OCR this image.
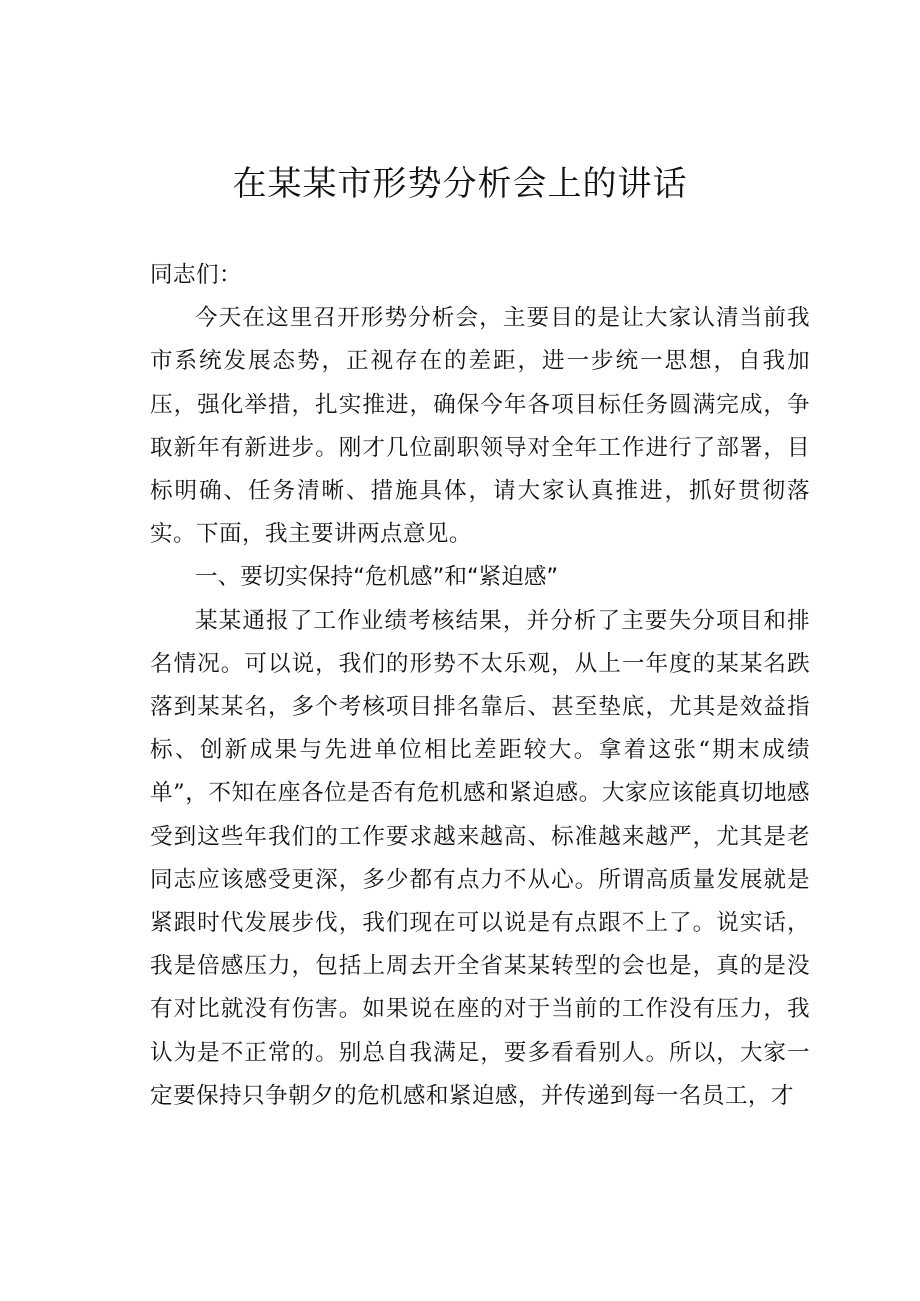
在某某市形势分析会上的讲话

同志们：

今天在这里召开形势分析会，主要目的是让大家认清当前我市系统发展态势，正视存在的差距，进一步统一思想，自我加压，强化举措，扎实推进，确保今年各项目标任务圆满完成，争取新年有新进步。刚才几位副职领导对全年工作进行了部署，目标明确、任务清晰、措施具体，请大家认真推进，抓好贯彻落实。下面，我主要讲两点意见。

一、要切实保持“危机感”和“紧迫感”

某某通报了工作业绩考核结果，并分析了主要失分项目和排名情况。可以说，我们的形势不太乐观，从上一年度的某某名跌落到某某名，多个考核项目排名靠后、甚至垫底，尤其是效益指标、创新成果与先进单位相比差距较大。拿着这张“期末成绩单”，不知在座各位是否有危机感和紧迫感。大家应该能真切地感受到这些年我们的工作要求越来越高、标准越来越严，尤其是老同志应该感受更深，多少都有点力不从心。所谓高质量发展就是紧跟时代发展步伐，我们现在可以说是有点跟不上了。说实话，我是倍感压力，包括上周去开全省某某转型的会也是，真的是没有对比就没有伤害。如果说在座的对于当前的工作没有压力，我认为是不正常的。别总自我满足，要多看看别人。所以，大家一定要保持只争朝夕的危机感和紧迫感，并传递到每一名员工，才
